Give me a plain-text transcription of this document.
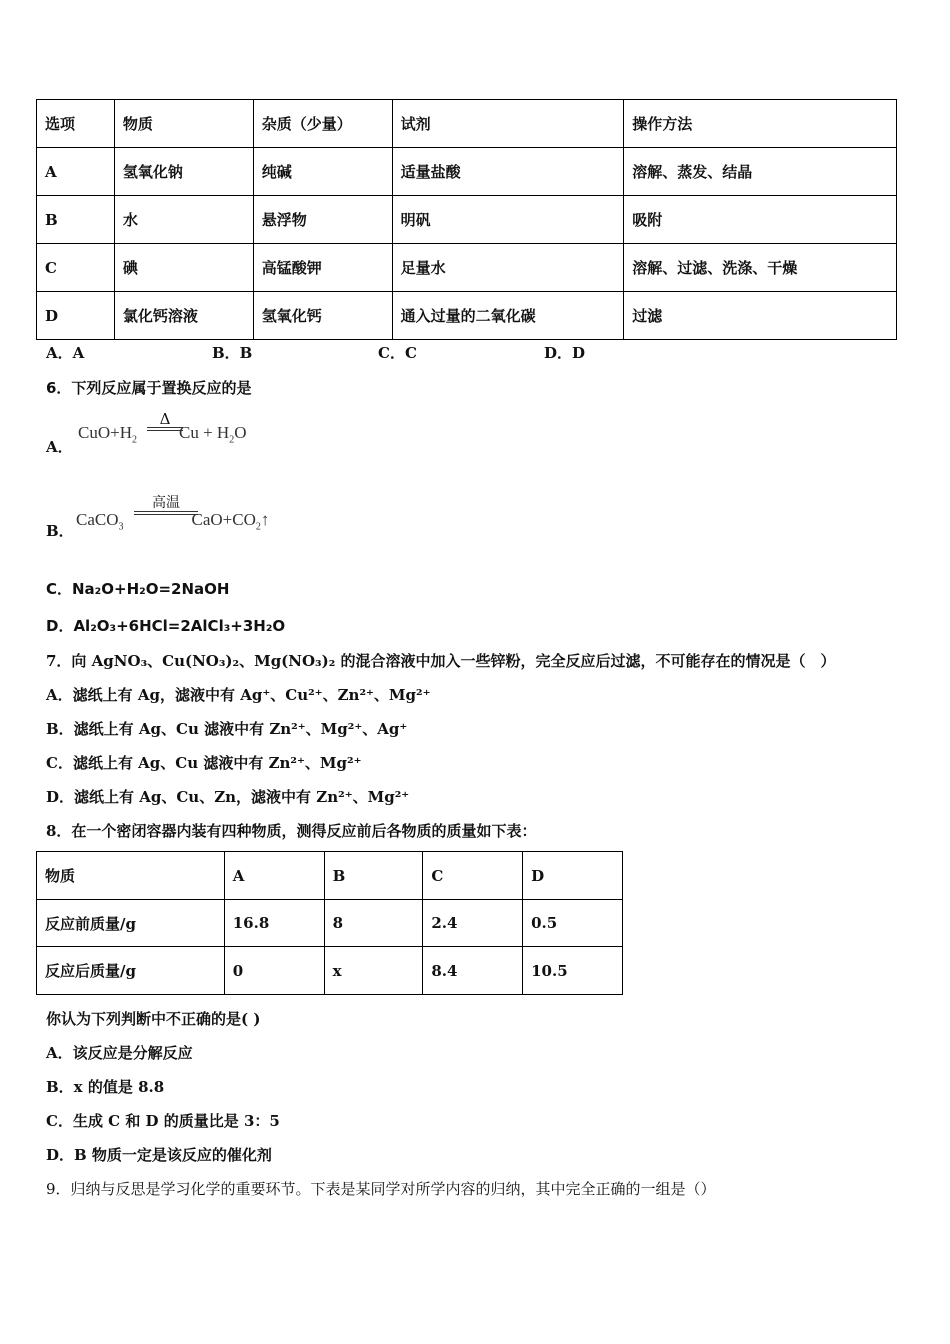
选项	物质	杂质（少量）	试剂	操作方法
A	氢氧化钠	纯碱	适量盐酸	溶解、蒸发、结晶
B	水	悬浮物	明矾	吸附
C	碘	高锰酸钾	足量水	溶解、过滤、洗涤、干燥
D	氯化钙溶液	氢氧化钙	通入过量的二氧化碳	过滤
A．A	B．B	C．C	D．D
6．下列反应属于置换反应的是
A．
$CuO+H_2$ $Cu + H_2O$
Δ
B．
CaCO$_3$	$CaO+CO_2↑$
高温
C．Na₂O+H₂O=2NaOH
D．Al₂O₃+6HCl=2AlCl₃+3H₂O
7．向 AgNO₃、Cu(NO₃)₂、Mg(NO₃)₂ 的混合溶液中加入一些锌粉，完全反应后过滤，不可能存在的情况是（　）
A．滤纸上有 Ag，滤液中有 Ag⁺、Cu²⁺、Zn²⁺、Mg²⁺
B．滤纸上有 Ag、Cu 滤液中有 Zn²⁺、Mg²⁺、Ag⁺
C．滤纸上有 Ag、Cu 滤液中有 Zn²⁺、Mg²⁺
D．滤纸上有 Ag、Cu、Zn，滤液中有 Zn²⁺、Mg²⁺
8．在一个密闭容器内装有四种物质，测得反应前后各物质的质量如下表：
物质	A	B	C	D
反应前质量/g	16.8	8	2.4	0.5
反应后质量/g	0	x	8.4	10.5
你认为下列判断中不正确的是( )
A．该反应是分解反应
B．x 的值是 8.8
C．生成 C 和 D 的质量比是 3：5
D．B 物质一定是该反应的催化剂
9．归纳与反思是学习化学的重要环节。下表是某同学对所学内容的归纳，其中完全正确的一组是（）
